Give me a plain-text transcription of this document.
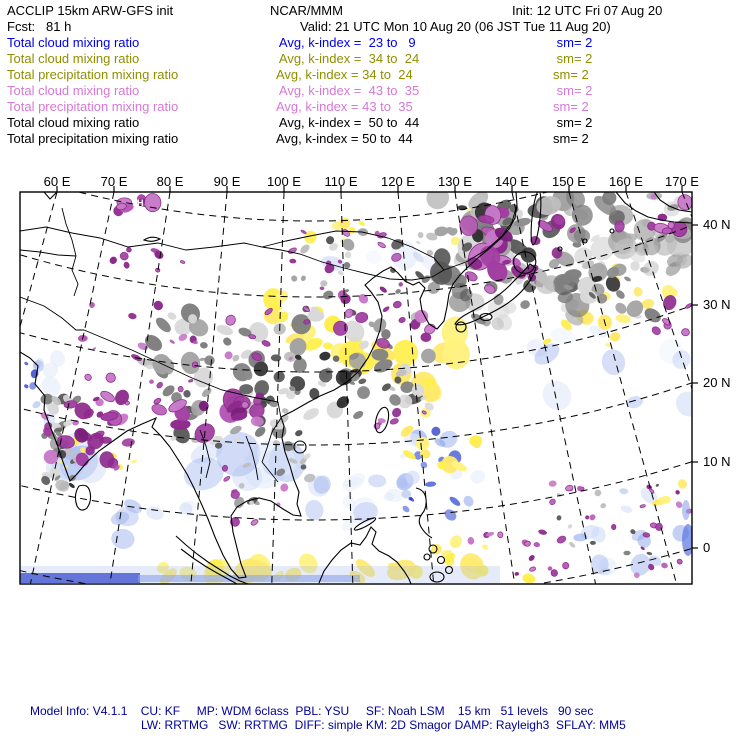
ACCLIP 15km ARW-GFS init	NCAR/MMM	Init: 12 UTC Fri 07 Aug 20
Fcst:   81 h	Valid: 21 UTC Mon 10 Aug 20 (06 JST Tue 11 Aug 20)
Total cloud mixing ratio	Avg, k-index =  23 to   9	sm= 2
Total cloud mixing ratio	Avg, k-index =  34 to  24	sm= 2
Total precipitation mixing ratio	Avg, k-index = 34 to  24	sm= 2
Total cloud mixing ratio	Avg, k-index =  43 to  35	sm= 2
Total precipitation mixing ratio	Avg, k-index = 43 to  35	sm= 2
Total cloud mixing ratio	Avg, k-index =  50 to  44	sm= 2
Total precipitation mixing ratio	Avg, k-index = 50 to  44	sm= 2
H
60 E 70 E 80 E 90 E 100 E 110 E 120 E 130 E 140 E 150 E 160 E 170 E
40 N
30 N
20 N
10 N
0
Model Info: V4.1.1    CU: KF     MP: WDM 6class  PBL: YSU     SF: Noah LSM    15 km   51 levels   90 sec
LW: RRTMG   SW: RRTMG  DIFF: simple KM: 2D Smagor DAMP: Rayleigh3  SFLAY: MM5
